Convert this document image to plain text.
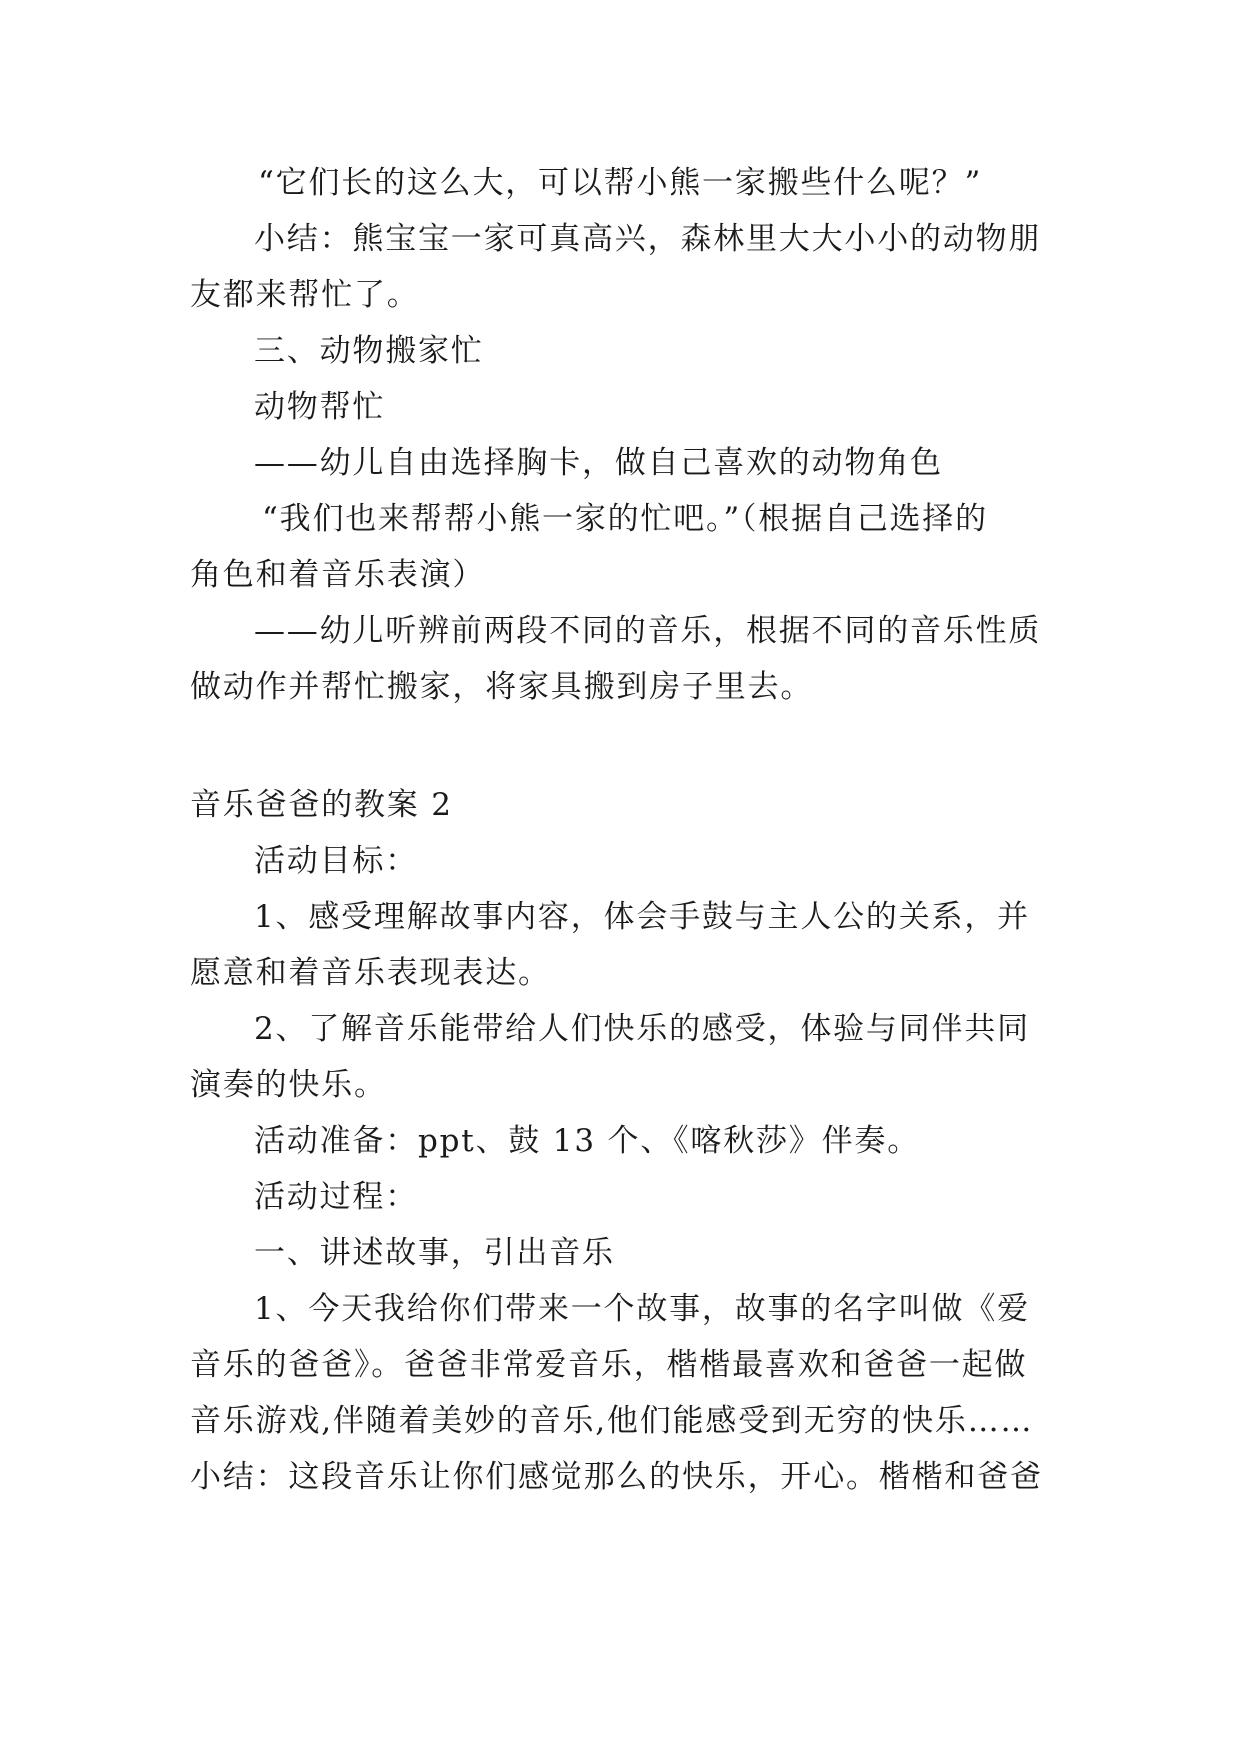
“它们长的这么大，可以帮小熊一家搬些什么呢？”
小结：熊宝宝一家可真高兴，森林里大大小小的动物朋
友都来帮忙了。
三、动物搬家忙
动物帮忙
——幼儿自由选择胸卡，做自己喜欢的动物角色
“我们也来帮帮小熊一家的忙吧。”（根据自己选择的
角色和着音乐表演）
——幼儿听辨前两段不同的音乐，根据不同的音乐性质
做动作并帮忙搬家，将家具搬到房子里去。
音乐爸爸的教案 2
活动目标：
1、感受理解故事内容，体会手鼓与主人公的关系，并
愿意和着音乐表现表达。
2、了解音乐能带给人们快乐的感受，体验与同伴共同
演奏的快乐。
活动准备：ppt、鼓 13 个、《喀秋莎》伴奏。
活动过程：
一、讲述故事，引出音乐
1、今天我给你们带来一个故事，故事的名字叫做《爱
音乐的爸爸》。爸爸非常爱音乐，楷楷最喜欢和爸爸一起做
音乐游戏,伴随着美妙的音乐,他们能感受到无穷的快乐……
小结：这段音乐让你们感觉那么的快乐，开心。楷楷和爸爸
